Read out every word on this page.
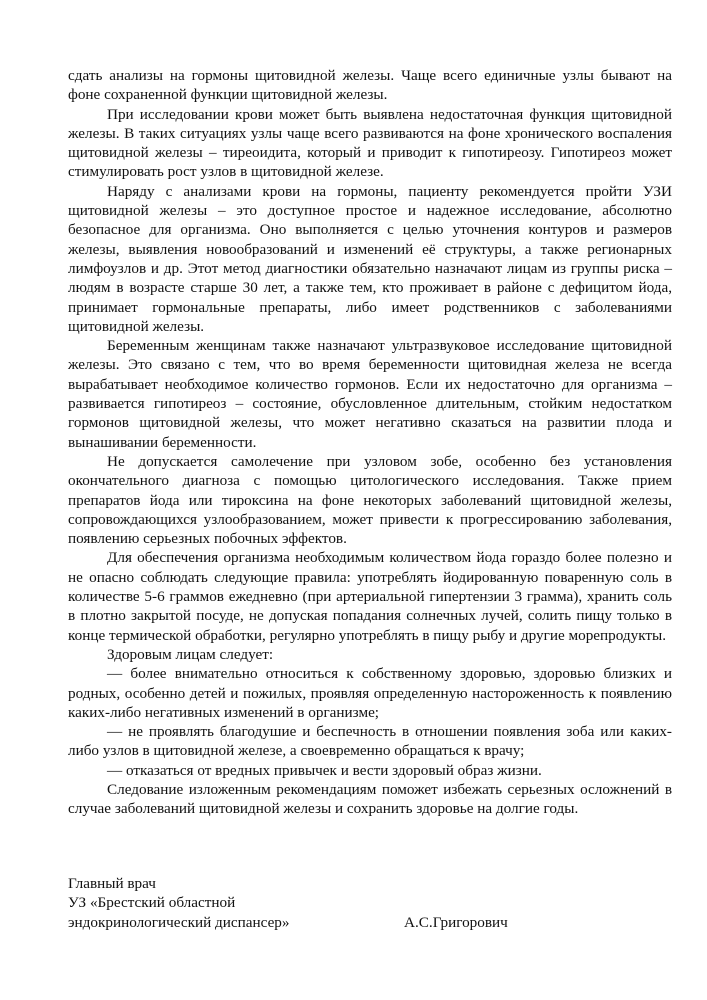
сдать анализы на гормоны щитовидной железы. Чаще всего единичные узлы бывают на фоне сохраненной функции щитовидной железы.

При исследовании крови может быть выявлена недостаточная функция щитовидной железы. В таких ситуациях узлы чаще всего развиваются на фоне хронического воспаления щитовидной железы – тиреоидита, который и приводит к гипотиреозу. Гипотиреоз может стимулировать рост узлов в щитовидной железе.

Наряду с анализами крови на гормоны, пациенту рекомендуется пройти УЗИ щитовидной железы – это доступное простое и надежное исследование, абсолютно безопасное для организма. Оно выполняется с целью уточнения контуров и размеров железы, выявления новообразований и изменений её структуры, а также регионарных лимфоузлов и др. Этот метод диагностики обязательно назначают лицам из группы риска – людям в возрасте старше 30 лет, а также тем, кто проживает в районе с дефицитом йода, принимает гормональные препараты, либо имеет родственников с заболеваниями щитовидной железы.

Беременным женщинам также назначают ультразвуковое исследование щитовидной железы. Это связано с тем, что во время беременности щитовидная железа не всегда вырабатывает необходимое количество гормонов. Если их недостаточно для организма – развивается гипотиреоз – состояние, обусловленное длительным, стойким недостатком гормонов щитовидной железы, что может негативно сказаться на развитии плода и вынашивании беременности.

Не допускается самолечение при узловом зобе, особенно без установления окончательного диагноза с помощью цитологического исследования. Также прием препаратов йода или тироксина на фоне некоторых заболеваний щитовидной железы, сопровождающихся узлообразованием, может привести к прогрессированию заболевания, появлению серьезных побочных эффектов.

Для обеспечения организма необходимым количеством йода гораздо более полезно и не опасно соблюдать следующие правила: употреблять йодированную поваренную соль в количестве 5-6 граммов ежедневно (при артериальной гипертензии 3 грамма), хранить соль в плотно закрытой посуде, не допуская попадания солнечных лучей, солить пищу только в конце термической обработки, регулярно употреблять в пищу рыбу и другие морепродукты.

Здоровым лицам следует:

— более внимательно относиться к собственному здоровью, здоровью близких и родных, особенно детей и пожилых, проявляя определенную настороженность к появлению каких-либо негативных изменений в организме;

— не проявлять благодушие и беспечность в отношении появления зоба или каких-либо узлов в щитовидной железе, а своевременно обращаться к врачу;

— отказаться от вредных привычек и вести здоровый образ жизни.

Следование изложенным рекомендациям поможет избежать серьезных осложнений в случае заболеваний щитовидной железы и сохранить здоровье на долгие годы.

Главный врач
УЗ «Брестский областной
эндокринологический диспансер»	А.С.Григорович
